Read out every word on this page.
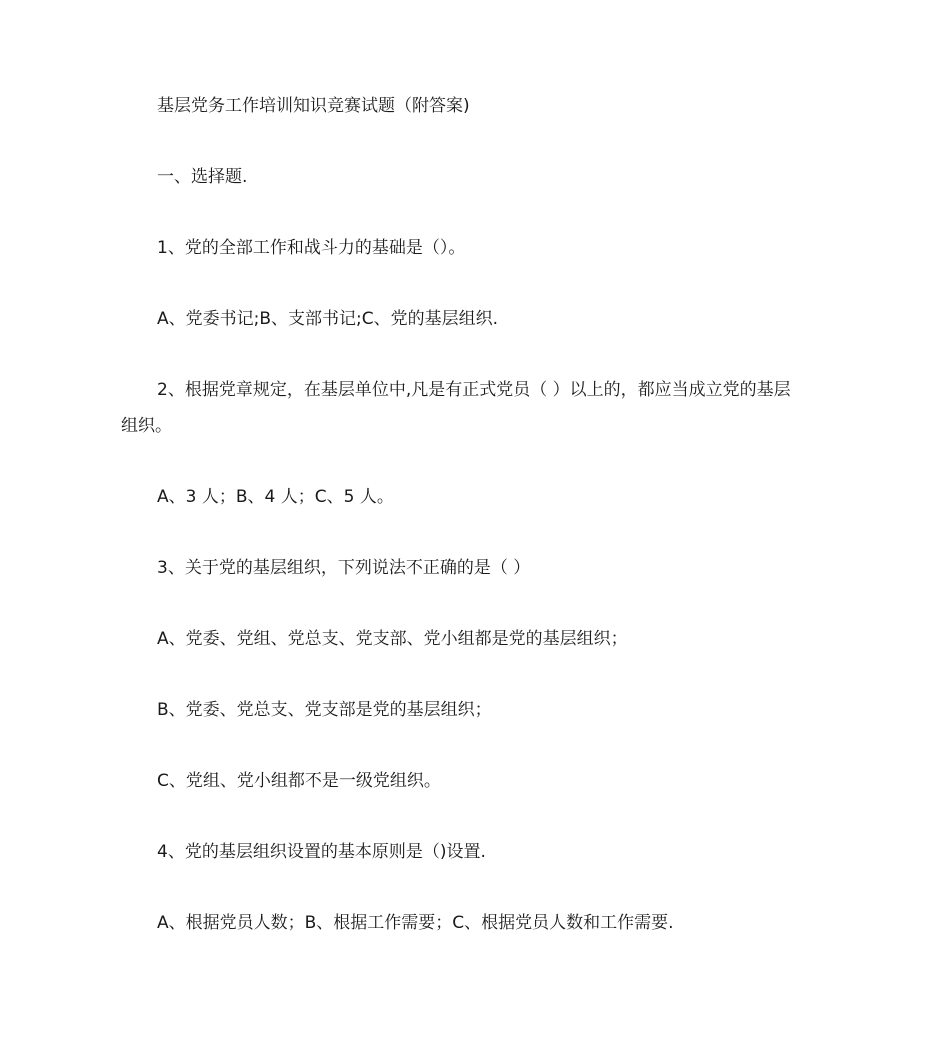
基层党务工作培训知识竞赛试题（附答案)

一、选择题.

1、党的全部工作和战斗力的基础是（）。

A、党委书记;B、支部书记;C、党的基层组织.

2、根据党章规定，在基层单位中,凡是有正式党员（ ）以上的，都应当成立党的基层

组织。

A、3 人；B、4 人；C、5 人。

3、关于党的基层组织，下列说法不正确的是（ ）

A、党委、党组、党总支、党支部、党小组都是党的基层组织；

B、党委、党总支、党支部是党的基层组织；

C、党组、党小组都不是一级党组织。

4、党的基层组织设置的基本原则是（)设置.

A、根据党员人数；B、根据工作需要；C、根据党员人数和工作需要.
